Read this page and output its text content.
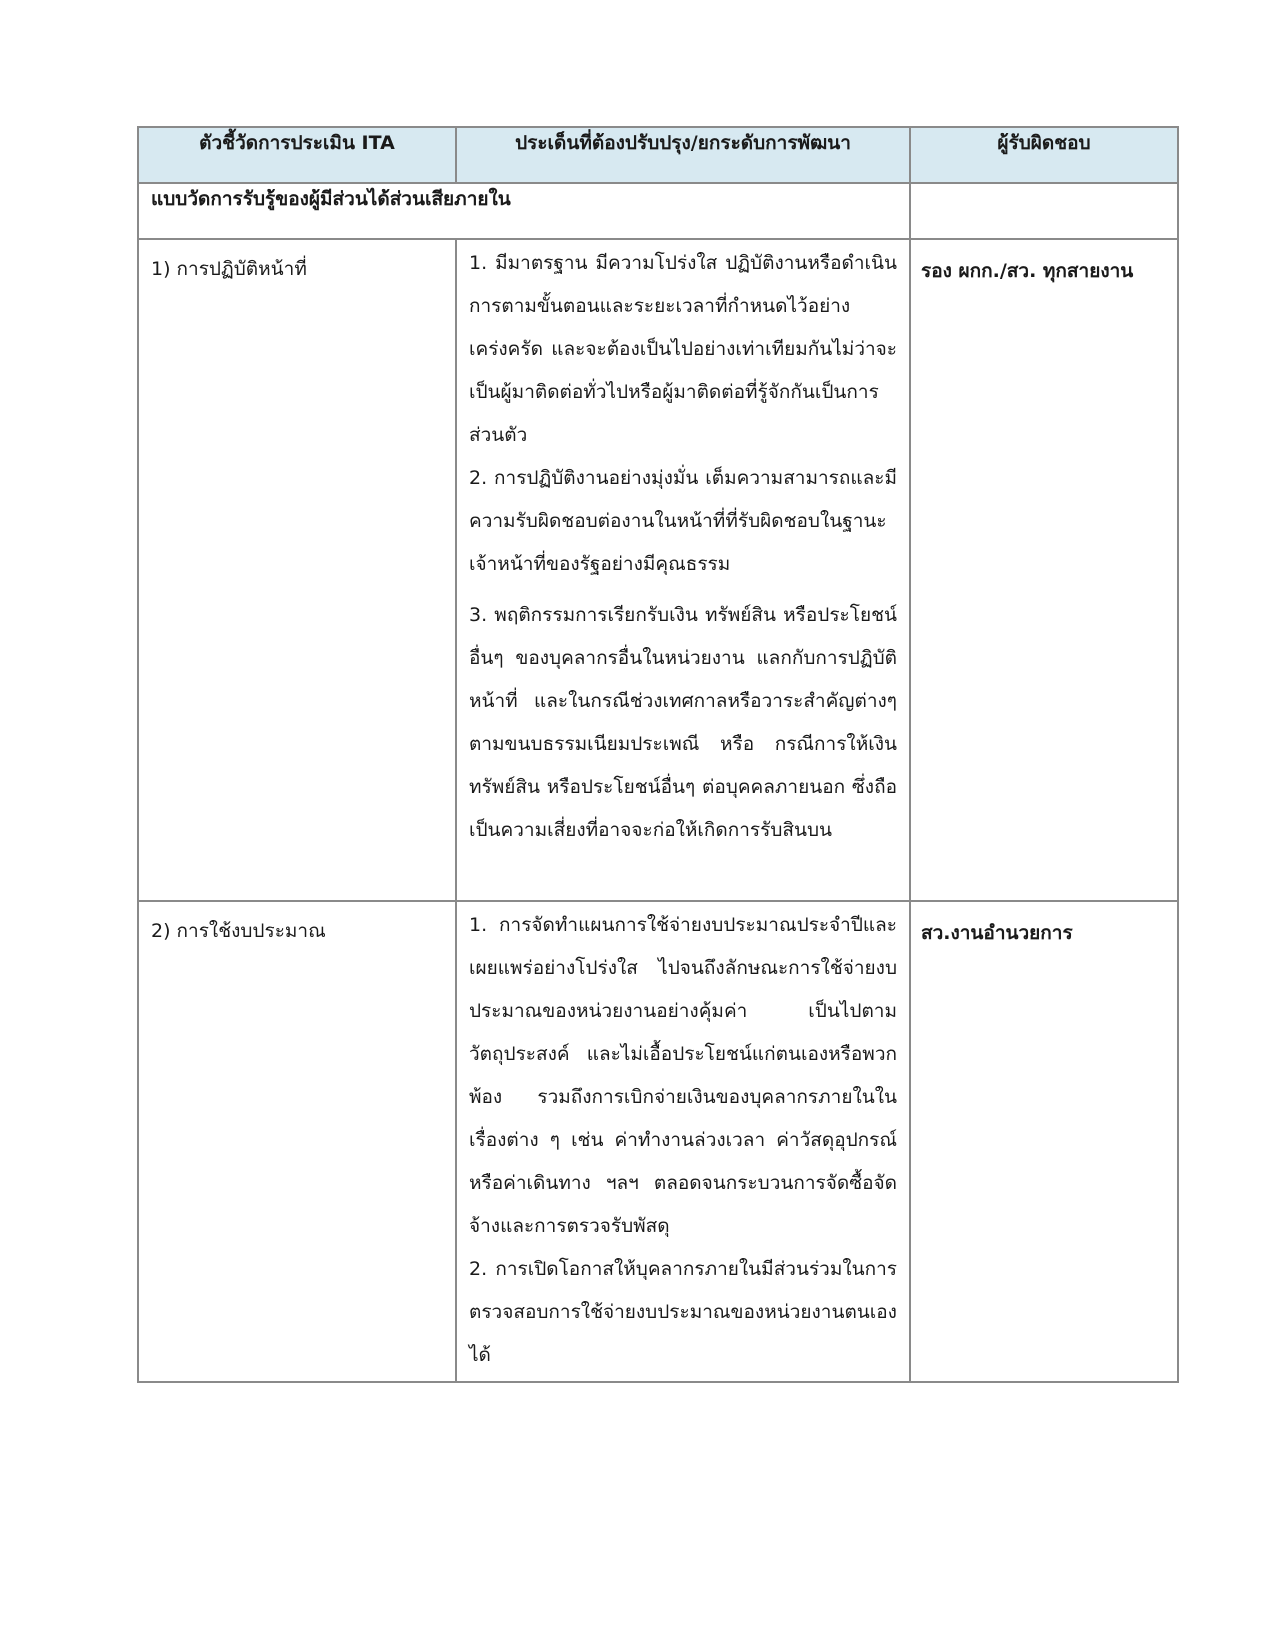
ตัวชี้วัดการประเมิน ITA	ประเด็นที่ต้องปรับปรุง/ยกระดับการพัฒนา	ผู้รับผิดชอบ
แบบวัดการรับรู้ของผู้มีส่วนได้ส่วนเสียภายใน		
1) การปฏิบัติหน้าที่	1. มีมาตรฐาน มีความโปร่งใส ปฏิบัติงานหรือดำเนินการตามขั้นตอนและระยะเวลาที่กำหนดไว้อย่างเคร่งครัด และจะต้องเป็นไปอย่างเท่าเทียมกันไม่ว่าจะเป็นผู้มาติดต่อทั่วไปหรือผู้มาติดต่อที่รู้จักกันเป็นการส่วนตัว

2. การปฏิบัติงานอย่างมุ่งมั่น เต็มความสามารถและมีความรับผิดชอบต่องานในหน้าที่ที่รับผิดชอบในฐานะเจ้าหน้าที่ของรัฐอย่างมีคุณธรรม

3. พฤติกรรมการเรียกรับเงิน ทรัพย์สิน หรือประโยชน์อื่นๆ ของบุคลากรอื่นในหน่วยงาน แลกกับการปฏิบัติหน้าที่ และในกรณีช่วงเทศกาลหรือวาระสำคัญต่างๆ ตามขนบธรรมเนียมประเพณี หรือ กรณีการให้เงิน ทรัพย์สิน หรือประโยชน์อื่นๆ ต่อบุคคลภายนอก ซึ่งถือเป็นความเสี่ยงที่อาจจะก่อให้เกิดการรับสินบน	รอง ผกก./สว. ทุกสายงาน
2) การใช้งบประมาณ	1. การจัดทำแผนการใช้จ่ายงบประมาณประจำปีและเผยแพร่อย่างโปร่งใส ไปจนถึงลักษณะการใช้จ่ายงบประมาณของหน่วยงานอย่างคุ้มค่า เป็นไปตามวัตถุประสงค์ และไม่เอื้อประโยชน์แก่ตนเองหรือพวกพ้อง รวมถึงการเบิกจ่ายเงินของบุคลากรภายในในเรื่องต่าง ๆ เช่น ค่าทำงานล่วงเวลา ค่าวัสดุอุปกรณ์ หรือค่าเดินทาง ฯลฯ ตลอดจนกระบวนการจัดซื้อจัดจ้างและการตรวจรับพัสดุ

2. การเปิดโอกาสให้บุคลากรภายในมีส่วนร่วมในการตรวจสอบการใช้จ่ายงบประมาณของหน่วยงานตนเองได้	สว.งานอำนวยการ
